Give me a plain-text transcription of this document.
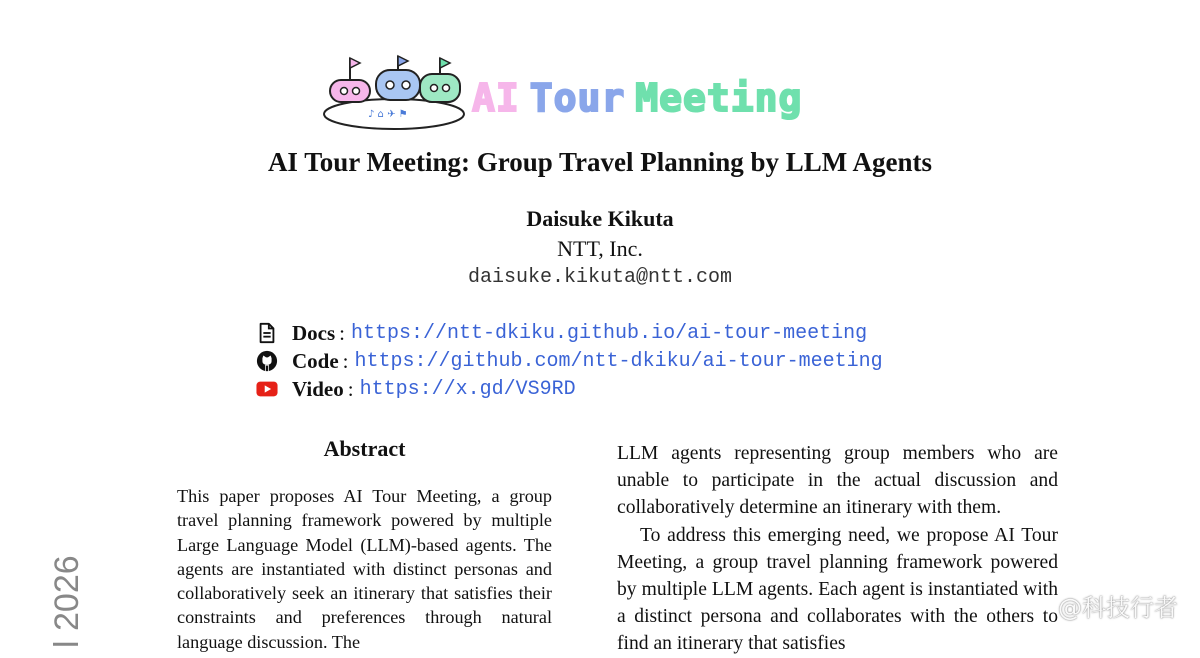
♪ ⌂ ✈ ⚑ AI Tour Meeting
AI Tour Meeting: Group Travel Planning by LLM Agents
Daisuke Kikuta
NTT, Inc.
daisuke.kikuta@ntt.com
Docs : https://ntt-dkiku.github.io/ai-tour-meeting
Code : https://github.com/ntt-dkiku/ai-tour-meeting
Video : https://x.gd/VS9RD
Abstract

This paper proposes AI Tour Meeting, a group travel planning framework powered by multiple Large Language Model (LLM)-based agents. The agents are instantiated with distinct personas and collaboratively seek an itinerary that satisfies their constraints and preferences through natural language discussion. The

LLM agents representing group members who are unable to participate in the actual discussion and collaboratively determine an itinerary with them.

To address this emerging need, we propose AI Tour Meeting, a group travel planning framework powered by multiple LLM agents. Each agent is instantiated with a distinct persona and collaborates with the others to find an itinerary that satisfies

l 2026	@科技行者
